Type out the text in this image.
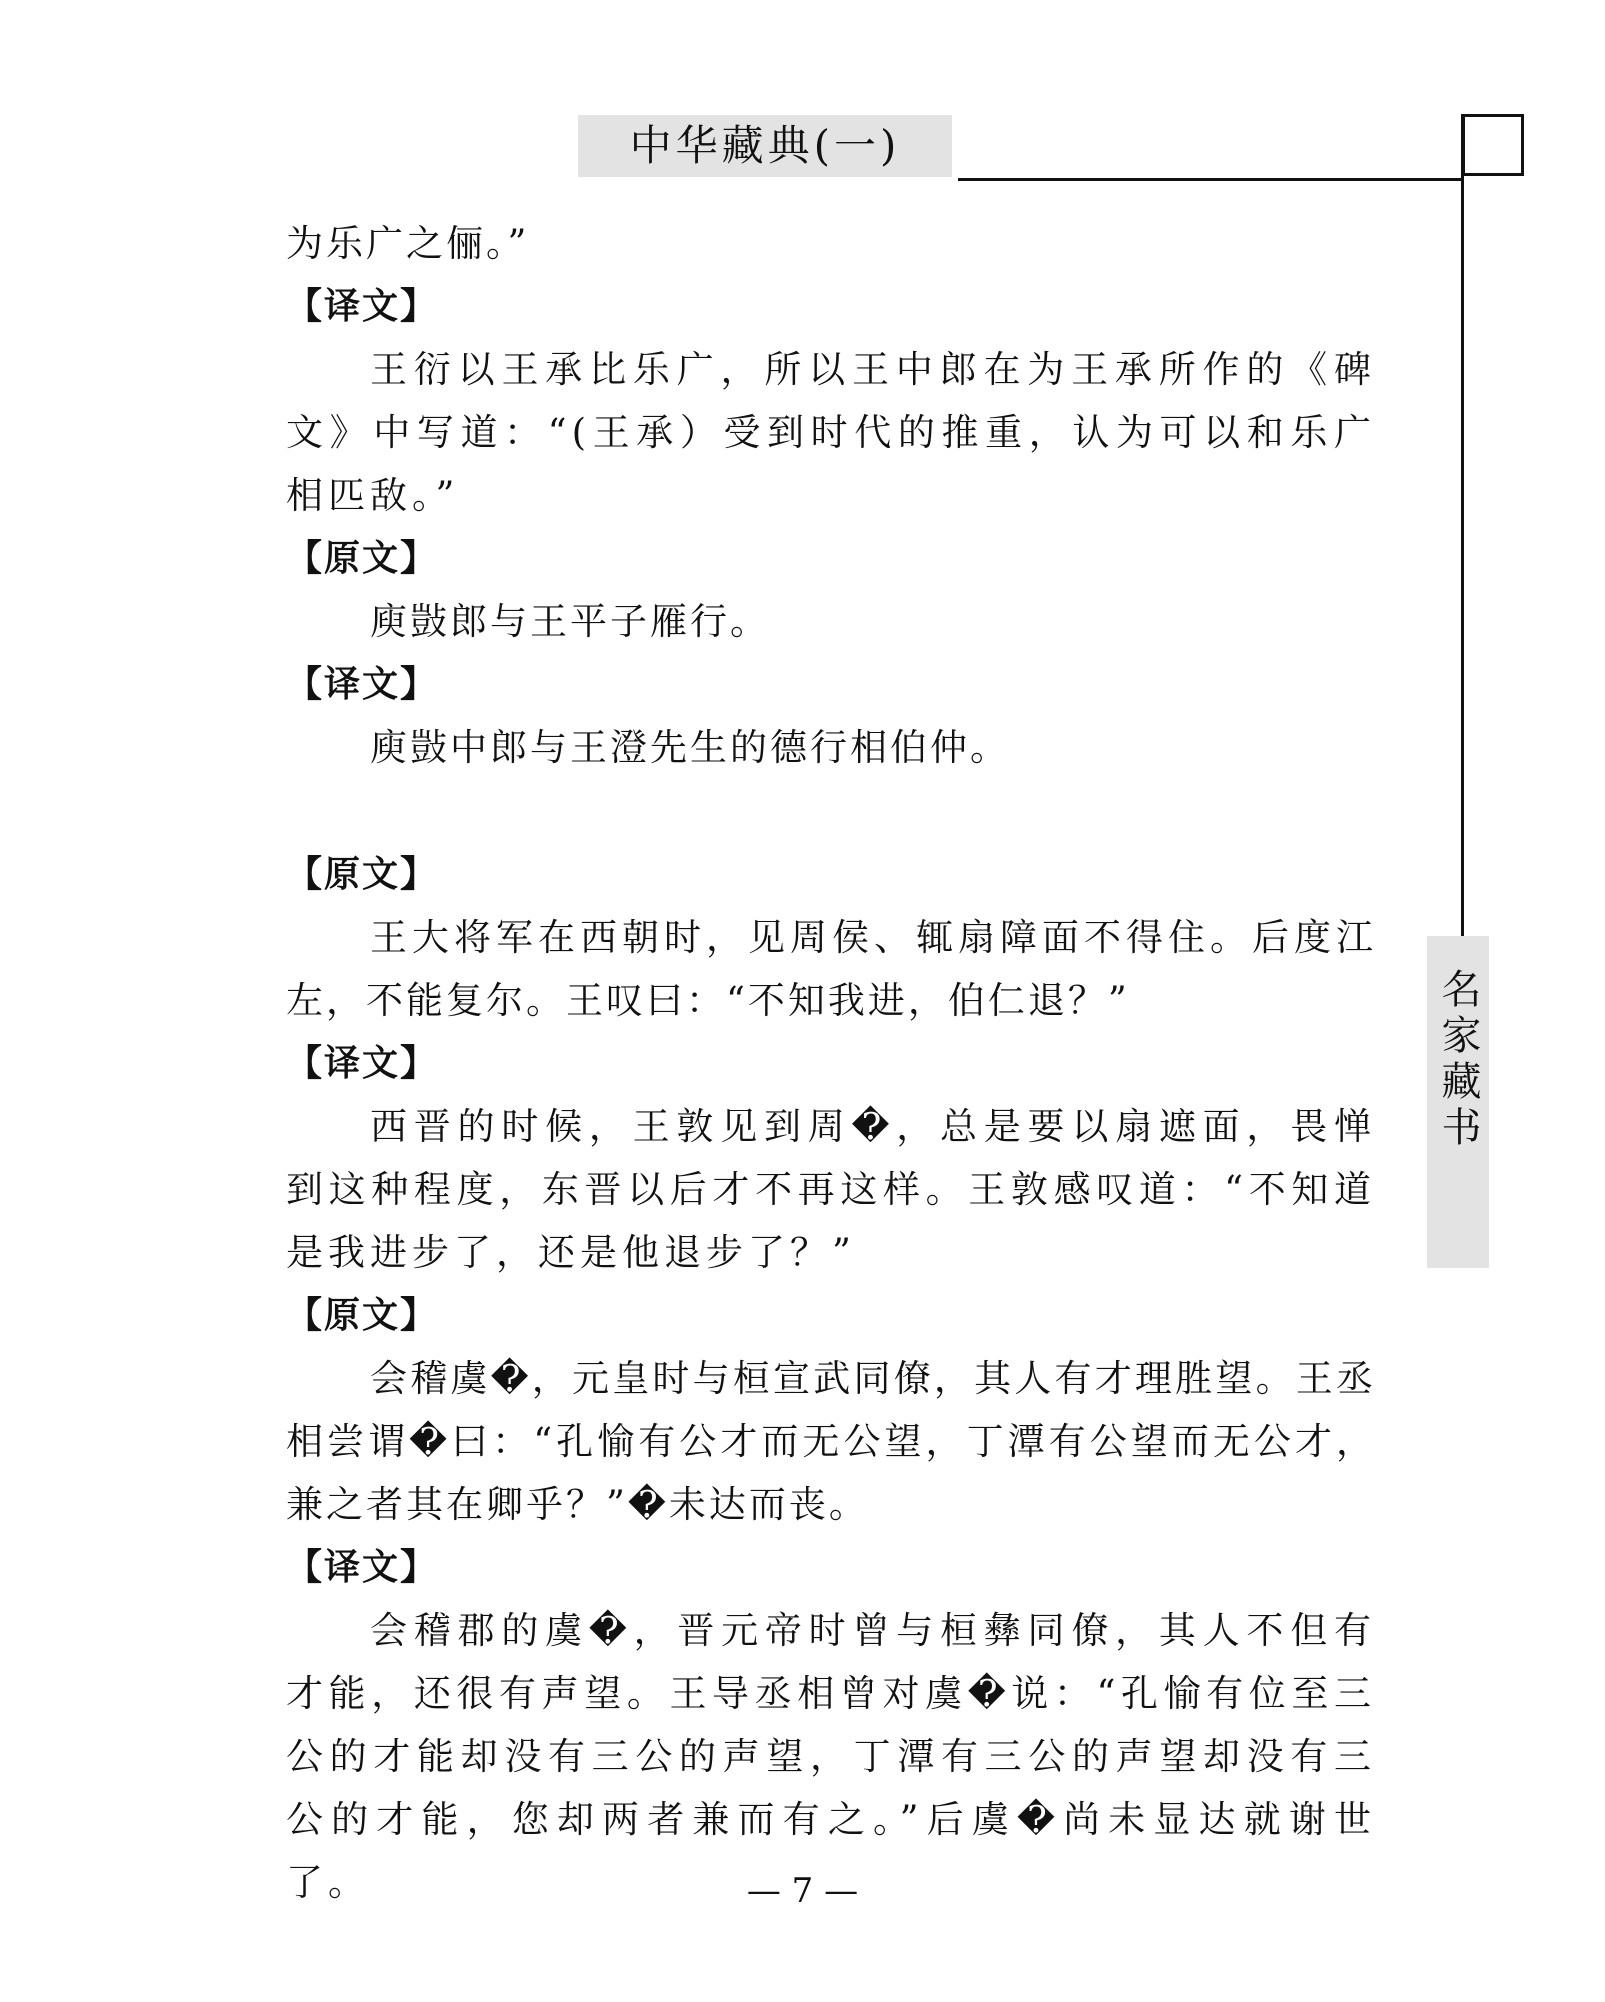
中华藏典(一)
名家藏书

为乐广之俪。”

【译文】

王衍以王承比乐广，所以王中郎在为王承所作的《碑文》中写道：“(王承）受到时代的推重，认为可以和乐广相匹敌。”

【原文】

庾敱郎与王平子雁行。

【译文】

庾敱中郎与王澄先生的德行相伯仲。

【原文】

王大将军在西朝时，见周侯、辄扇障面不得住。后度江左，不能复尔。王叹曰：“不知我进，伯仁退？”

【译文】

西晋的时候，王敦见到周�，总是要以扇遮面，畏惮到这种程度，东晋以后才不再这样。王敦感叹道：“不知道是我进步了，还是他退步了？”

【原文】

会稽虞�，元皇时与桓宣武同僚，其人有才理胜望。王丞相尝谓�曰：“孔愉有公才而无公望，丁潭有公望而无公才，兼之者其在卿乎？”�未达而丧。

【译文】

会稽郡的虞�，晋元帝时曾与桓彝同僚，其人不但有才能，还很有声望。王导丞相曾对虞�说：“孔愉有位至三公的才能却没有三公的声望，丁潭有三公的声望却没有三公的才能，您却两者兼而有之。”后虞�尚未显达就谢世了。	— 7 —
